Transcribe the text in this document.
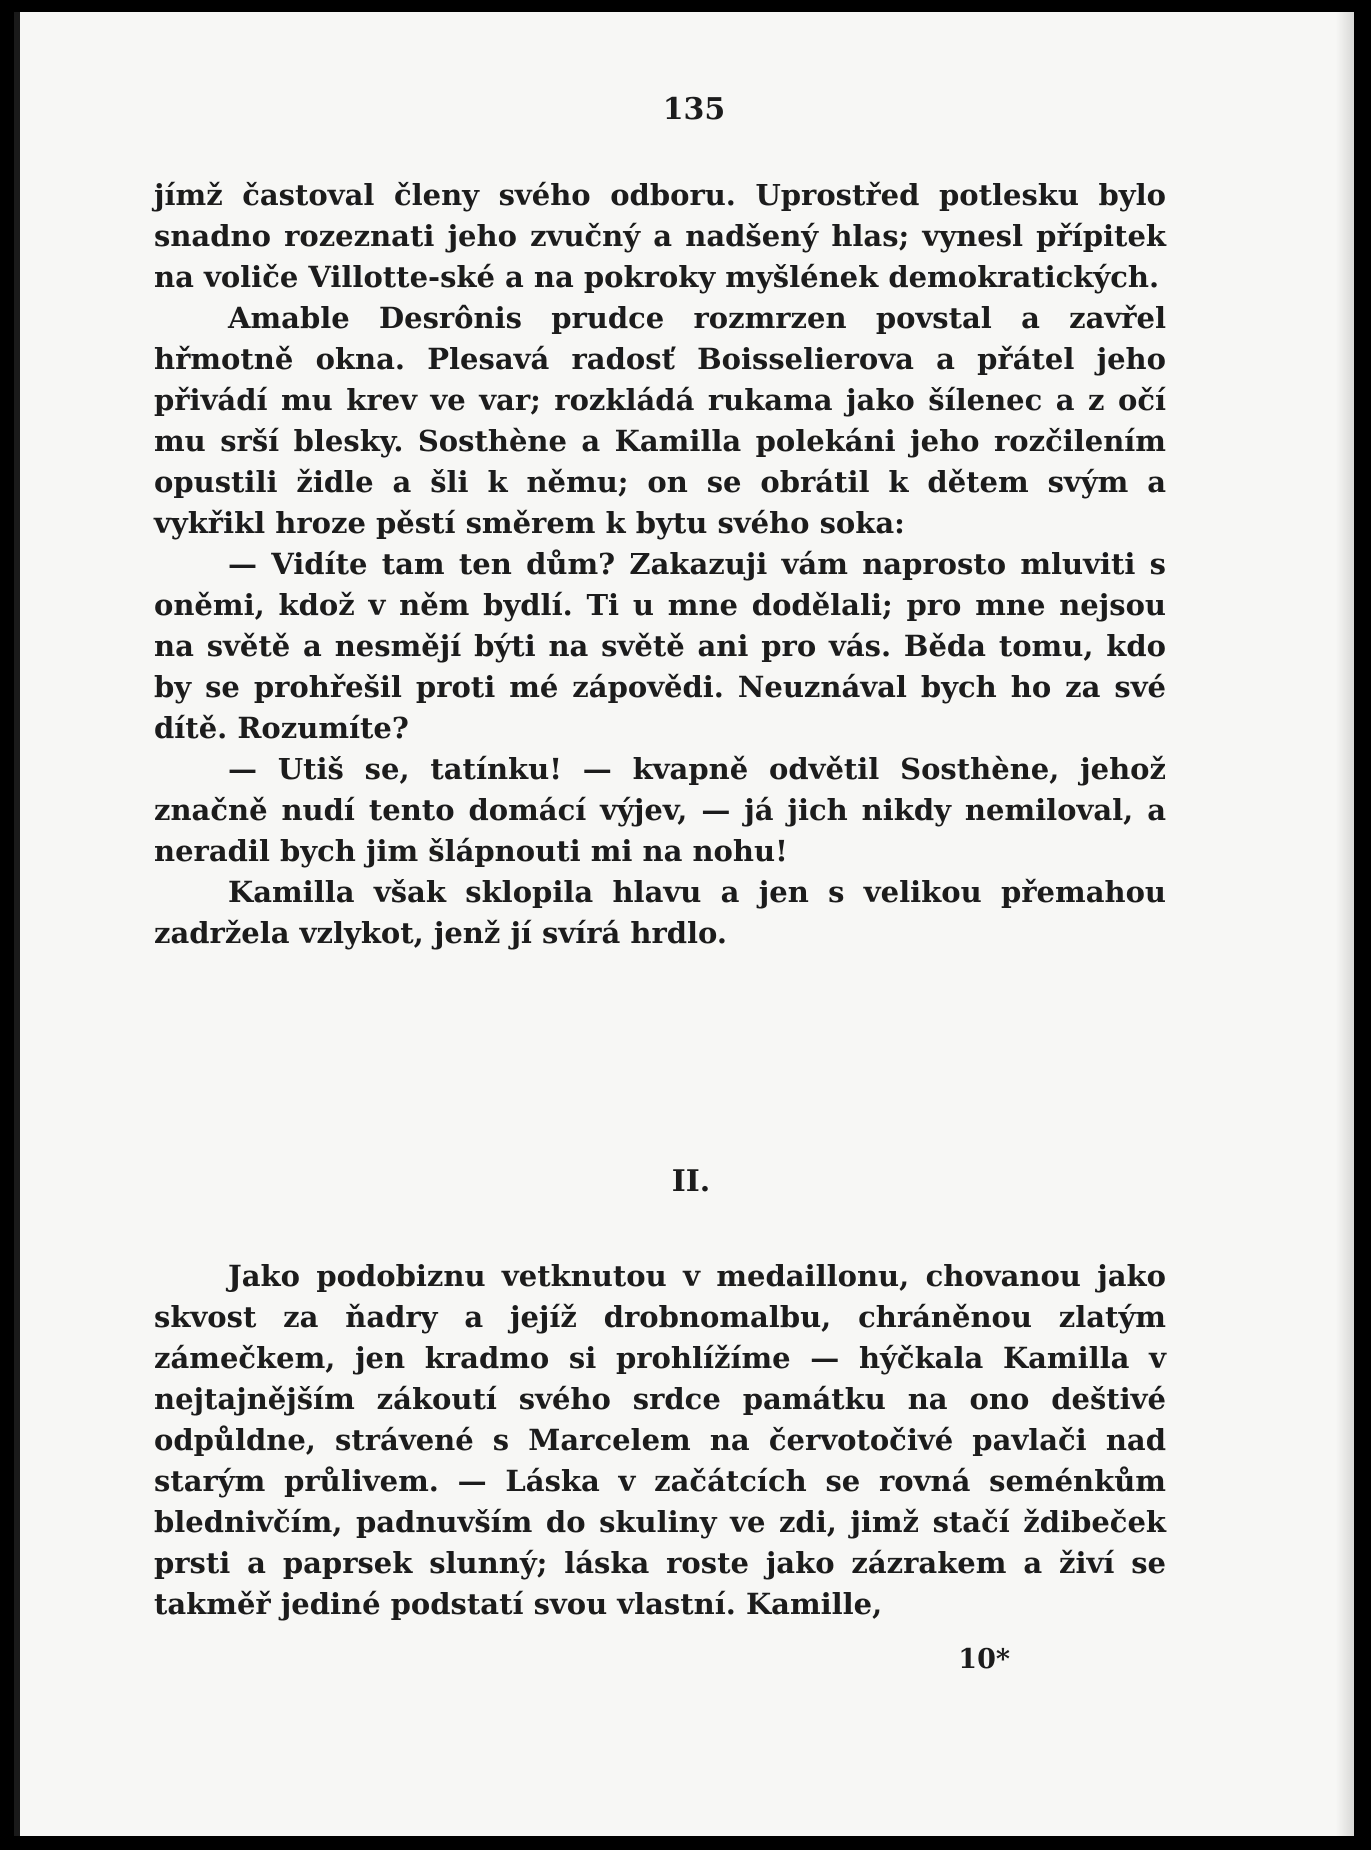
135

jímž častoval členy svého odboru. Uprostřed potlesku bylo snadno rozeznati jeho zvučný a nadšený hlas; vynesl přípitek na voliče Villotte-ské a na pokroky myšlének demokratických.

Amable Desrônis prudce rozmrzen povstal a zavřel hřmotně okna. Plesavá radosť Boisselierova a přátel jeho přivádí mu krev ve var; rozkládá rukama jako šílenec a z očí mu srší blesky. Sosthène a Kamilla polekáni jeho rozčilením opustili židle a šli k němu; on se obrátil k dětem svým a vykřikl hroze pěstí směrem k bytu svého soka:

— Vidíte tam ten dům? Zakazuji vám naprosto mluviti s oněmi, kdož v něm bydlí. Ti u mne dodělali; pro mne nejsou na světě a nesmějí býti na světě ani pro vás. Běda tomu, kdo by se prohřešil proti mé zápovědi. Neuznával bych ho za své dítě. Rozumíte?

— Utiš se, tatínku! — kvapně odvětil Sosthène, jehož značně nudí tento domácí výjev, — já jich nikdy nemiloval, a neradil bych jim šlápnouti mi na nohu!

Kamilla však sklopila hlavu a jen s velikou přemahou zadržela vzlykot, jenž jí svírá hrdlo.

II.

Jako podobiznu vetknutou v medaillonu, chovanou jako skvost za ňadry a jejíž drobnomalbu, chráněnou zlatým zámečkem, jen kradmo si prohlížíme — hýčkala Kamilla v nejtajnějším zákoutí svého srdce památku na ono deštivé odpůldne, strávené s Marcelem na červotočivé pavlači nad starým průlivem. — Láska v začátcích se rovná seménkům blednivčím, padnuvším do skuliny ve zdi, jimž stačí ždibeček prsti a paprsek slunný; láska roste jako zázrakem a živí se takměř jediné podstatí svou vlastní. Kamille,

10*
